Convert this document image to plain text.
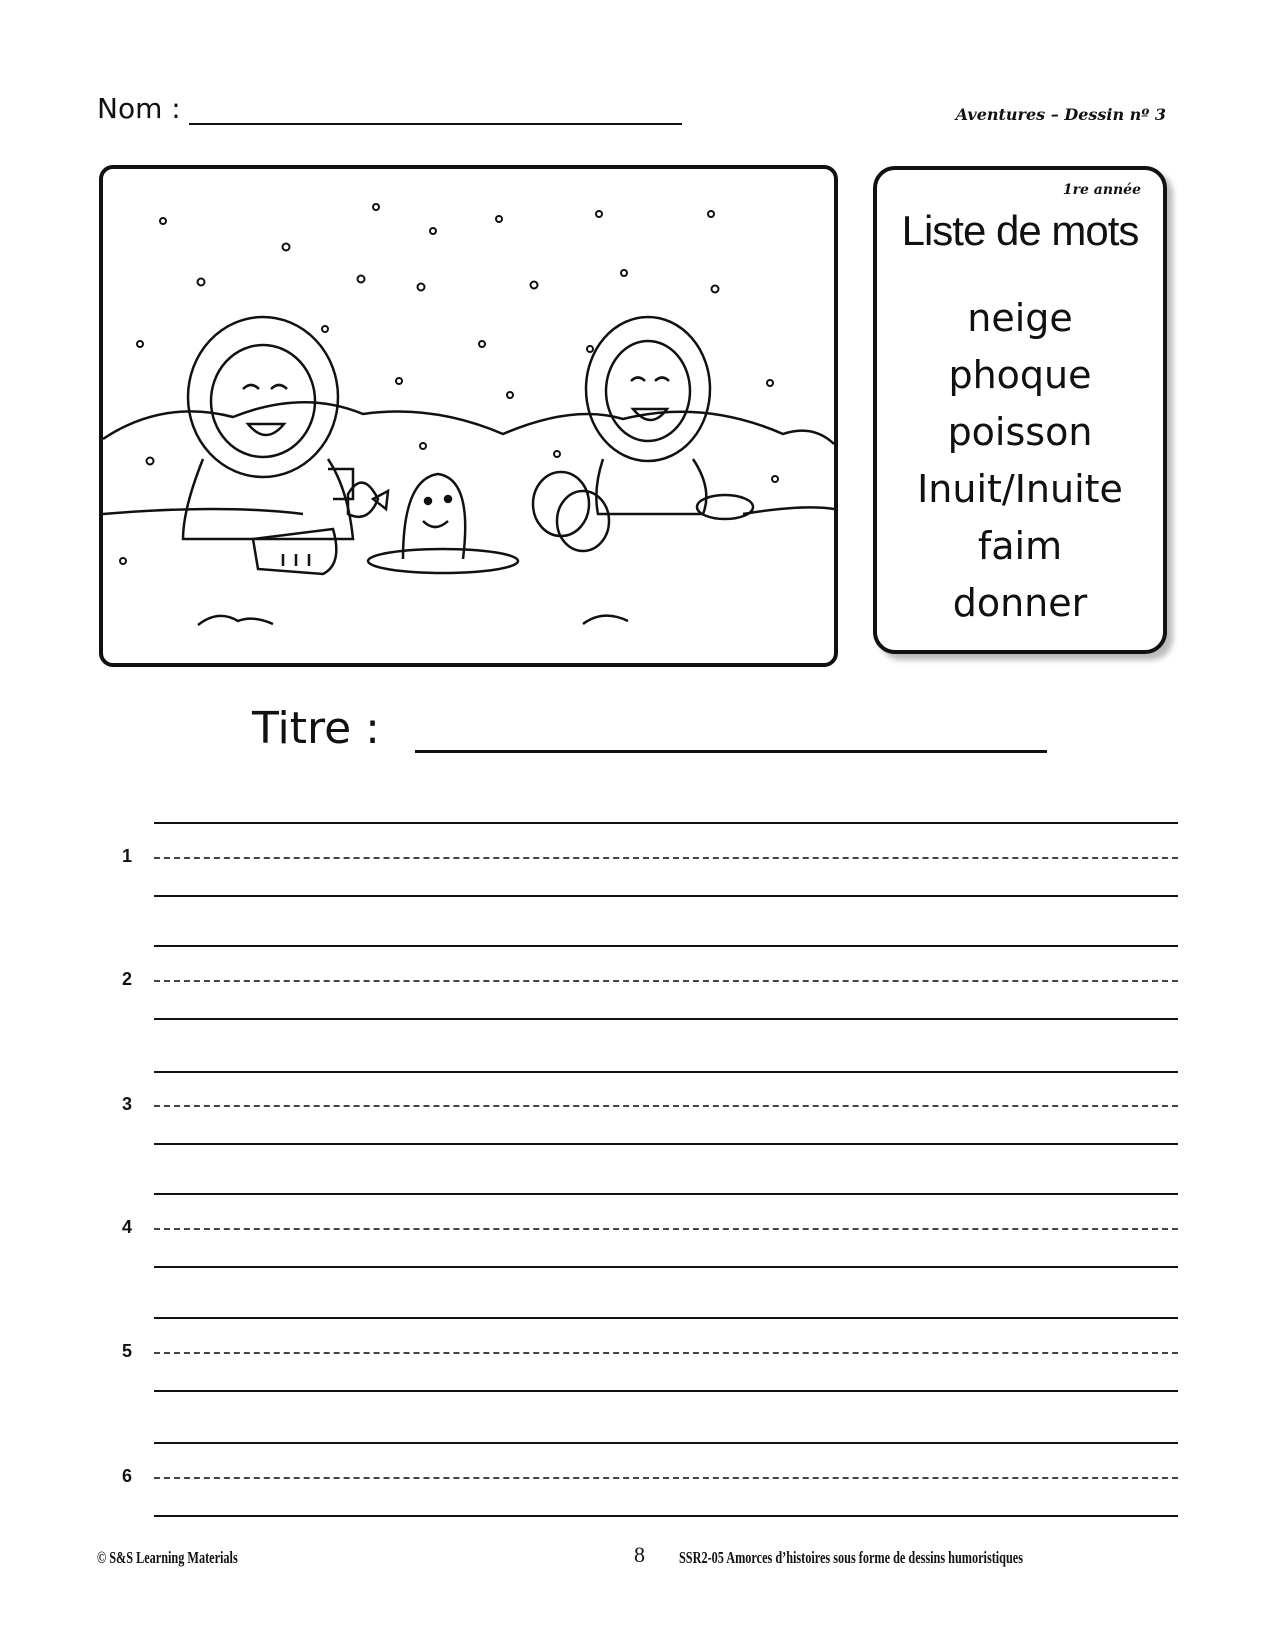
Nom :	Aventures – Dessin nº 3
1re année
Liste de mots
neige
phoque
poisson
Inuit/Inuite
faim
donner
Titre :
1
2
3
4
5
6
© S&S Learning Materials	8 SSR2-05 Amorces d’histoires sous forme de dessins humoristiques
